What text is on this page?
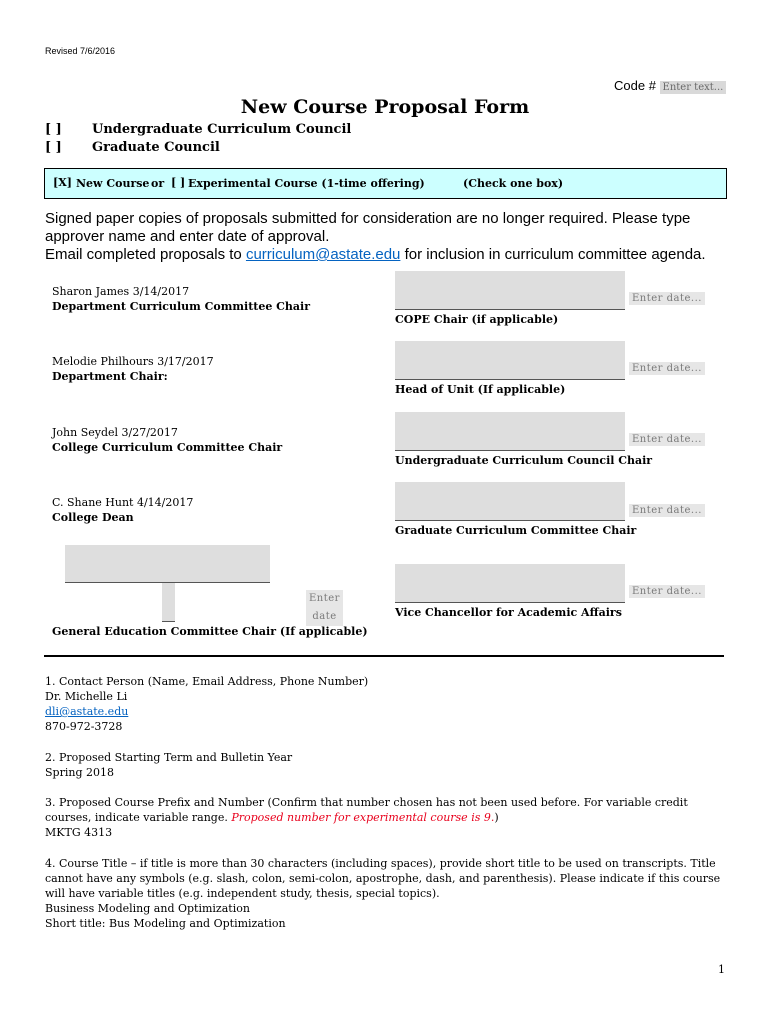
Revised 7/6/2016
Code # Enter text...
New Course Proposal Form
[ ] Undergraduate Curriculum Council
[ ] Graduate Council
[X] New Course or [ ] Experimental Course (1-time offering)	(Check one box)
Signed paper copies of proposals submitted for consideration are no longer required. Please type approver name and enter date of approval.
Email completed proposals to curriculum@astate.edu for inclusion in curriculum committee agenda.
Sharon James 3/14/2017
Department Curriculum Committee Chair
Melodie Philhours 3/17/2017
Department Chair:
John Seydel 3/27/2017
College Curriculum Committee Chair
C. Shane Hunt 4/14/2017
College Dean
Enter date...
COPE Chair (if applicable)
Enter date...
Head of Unit (If applicable)
Enter date...
Undergraduate Curriculum Council Chair
Enter date...
Graduate Curriculum Committee Chair
Enter date...
Vice Chancellor for Academic Affairs
Enter
date
General Education Committee Chair (If applicable)
1. Contact Person (Name, Email Address, Phone Number)
Dr. Michelle Li
dli@astate.edu
870-972-3728
2. Proposed Starting Term and Bulletin Year
Spring 2018
3. Proposed Course Prefix and Number (Confirm that number chosen has not been used before. For variable credit courses, indicate variable range. Proposed number for experimental course is 9.)
MKTG 4313
4. Course Title – if title is more than 30 characters (including spaces), provide short title to be used on transcripts. Title cannot have any symbols (e.g. slash, colon, semi-colon, apostrophe, dash, and parenthesis). Please indicate if this course will have variable titles (e.g. independent study, thesis, special topics).
Business Modeling and Optimization
Short title: Bus Modeling and Optimization
1
